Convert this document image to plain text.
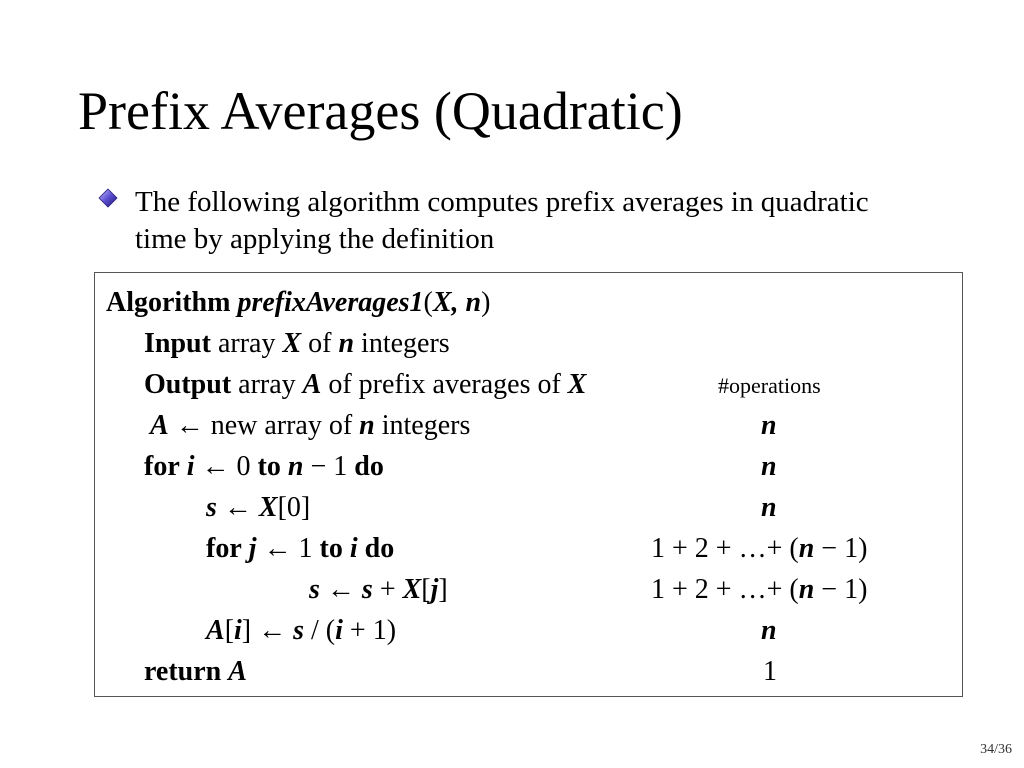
Prefix Averages (Quadratic)
The following algorithm computes prefix averages in quadratic time by applying the definition
Algorithm prefixAverages1(X, n)
Input array X of n integers
Output array A of prefix averages of X	#operations
A ← new array of n integers	n
for i ← 0 to n − 1 do	n
s ← X[0]	n
for j ← 1 to i do	1 + 2 + …+ (n − 1)
s ← s + X[j]	1 + 2 + …+ (n − 1)
A[i] ← s / (i + 1)	n
return A	1
34/36
